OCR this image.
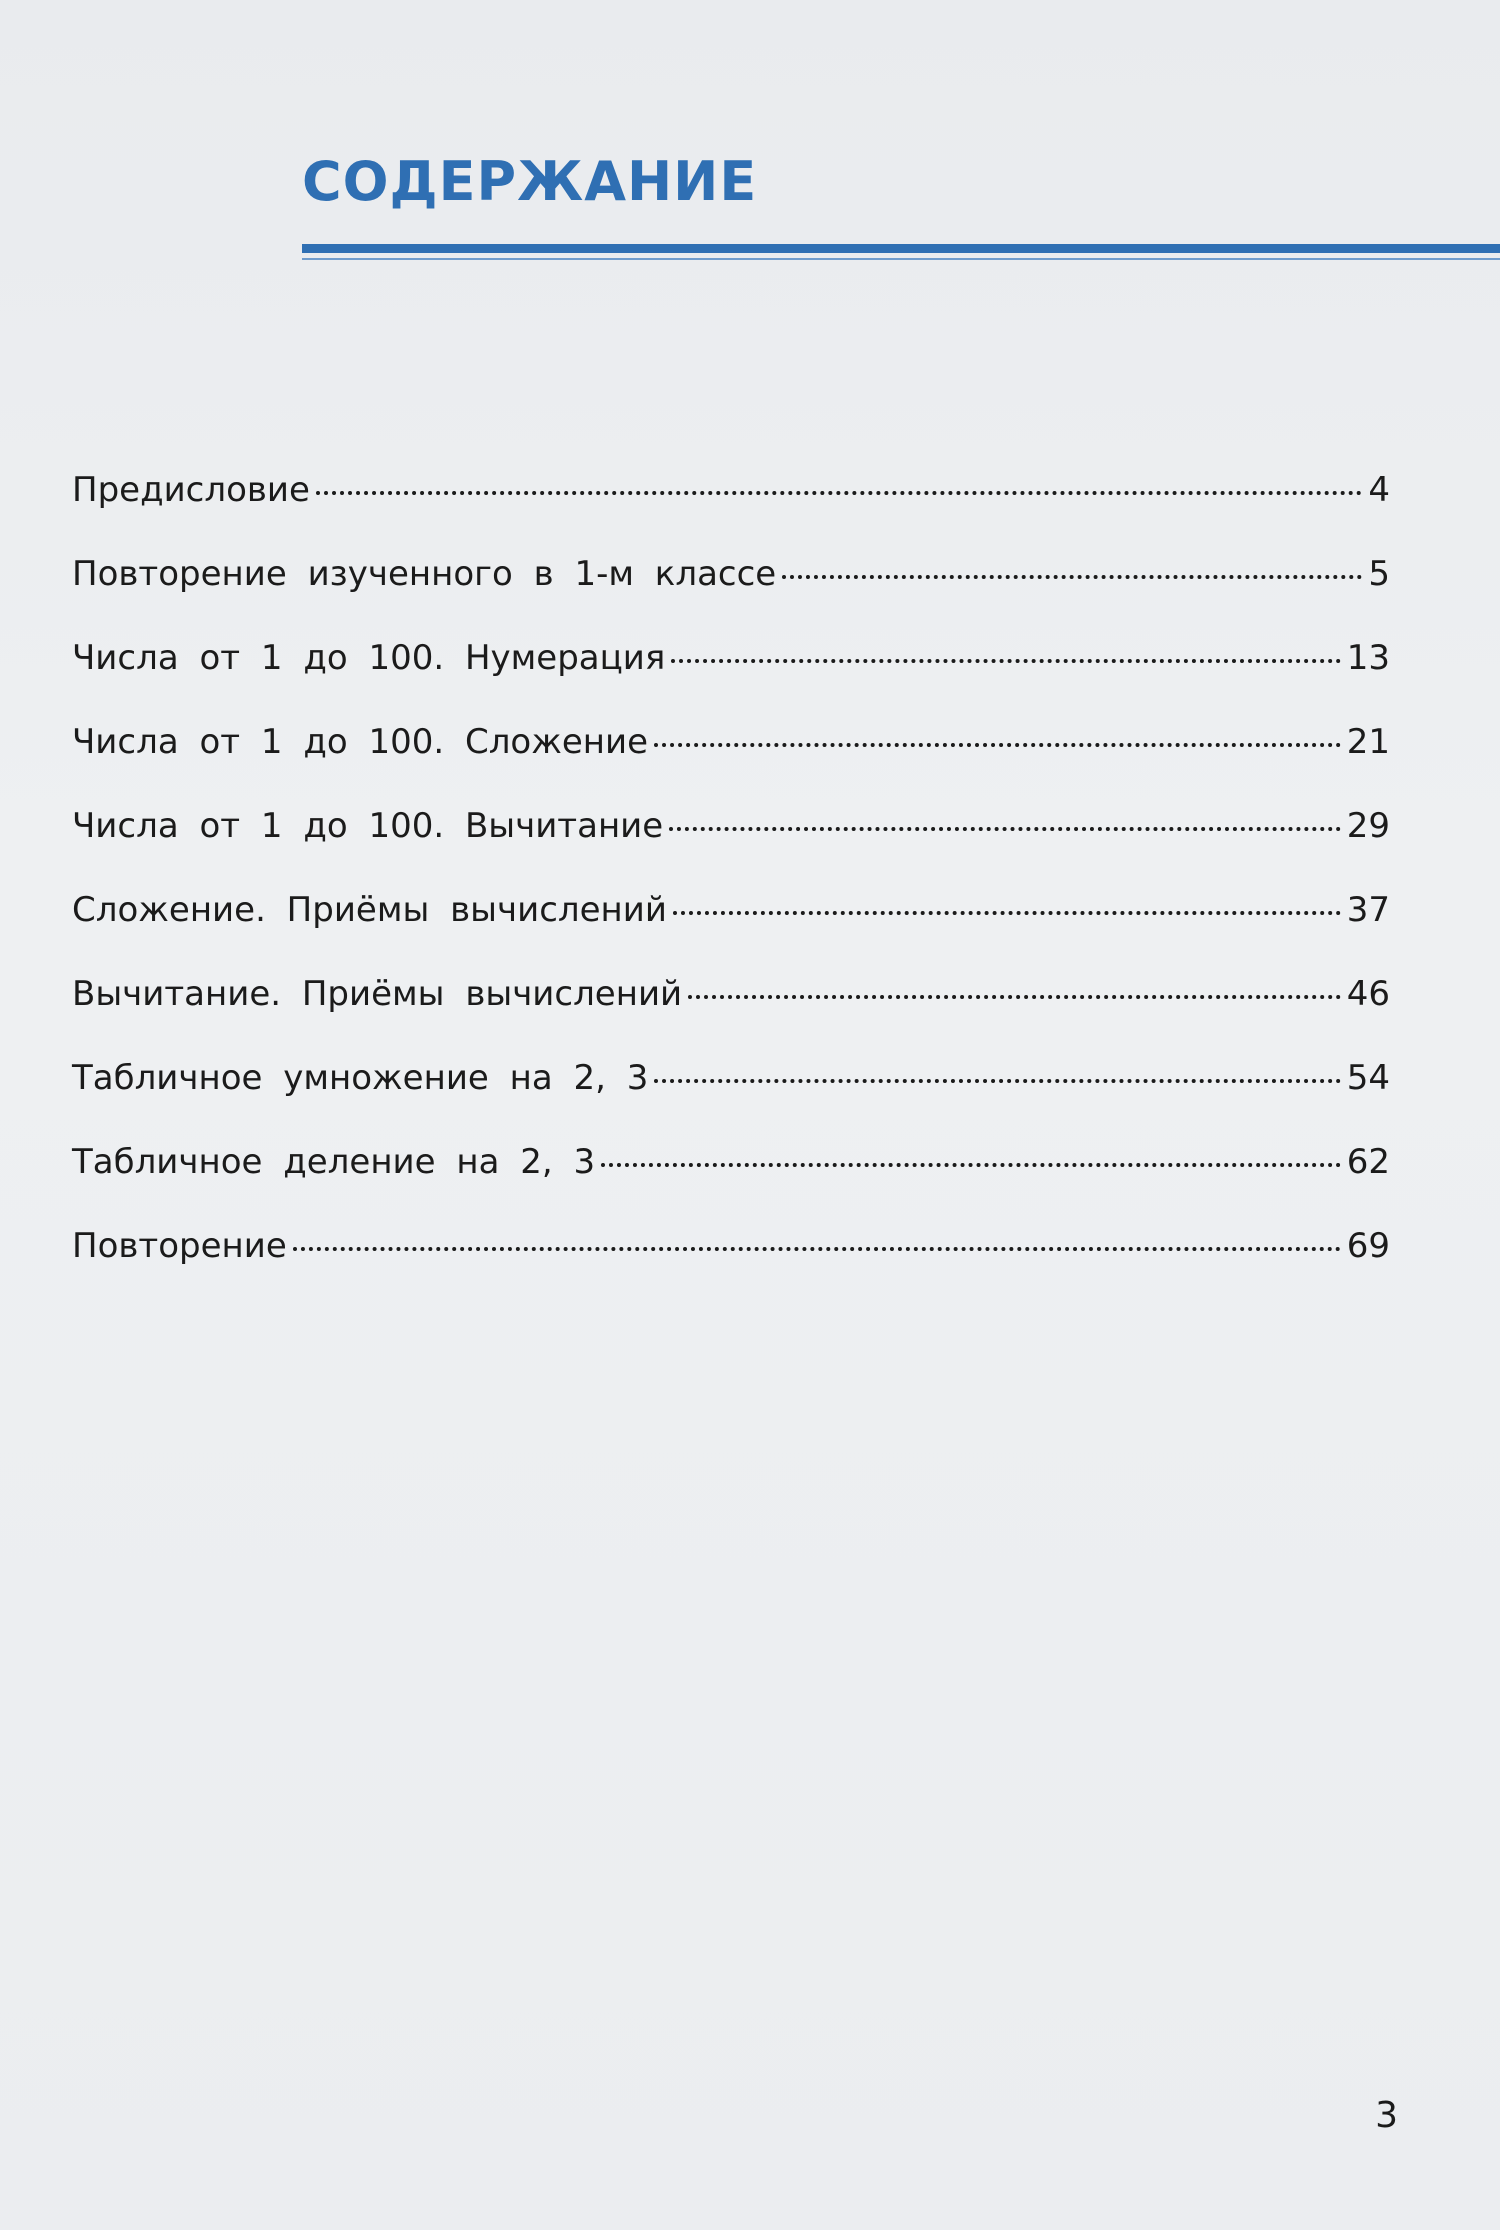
СОДЕРЖАНИЕ
Предисловие	4
Повторение изученного в 1-м классе	5
Числа от 1 до 100. Нумерация	13
Числа от 1 до 100. Сложение	21
Числа от 1 до 100. Вычитание	29
Сложение. Приёмы вычислений	37
Вычитание. Приёмы вычислений	46
Табличное умножение на 2, 3	54
Табличное деление на 2, 3	62
Повторение	69
3
